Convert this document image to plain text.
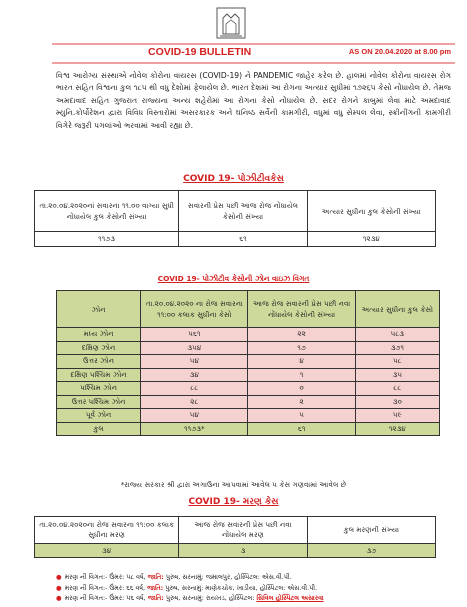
COVID-19 BULLETIN	AS ON 20.04.2020 at 8.00 pm
વિશ્વ આરોગ્ય સંસ્થાએ નોવેલ કોરોના વાયરસ (COVID-19) ને PANDEMIC જાહેર કરેલ છે. હાલમાં નોવેલ કોરોના વાયરસ રોગ ભારત સહિત વિશ્વના કુલ ૧૮૫ થી વધુ દેશોમાં ફેલાયેલ છે. ભારત દેશમાં આ રોગના અત્યાર સુધીમાં ૧૭૨૬૫ કેસો નોંધાયેલ છે. તેમજ અમદાવાદ સહિત ગુજરાત રાજ્યના અન્ય શહેરોમાં આ રોગના કેસો નોંધાયેલ છે. સદર રોગને કાબુમાં લેવા માટે અમદાવાદ મ્યુનિ.કોર્પોરેશન દ્વારા વિવિધ વિસ્તારોમાં અસરકારક અને ઘનિષ્ઠ સર્વેની કામગીરી, વધુમાં વધુ સેમ્પલ લેવા, સ્ક્રીનીંગની કામગીરી વિગેરે જરૂરી પગલાંઓ ભરવામાં આવી રહ્યા છે.
COVID 19- પોઝીટીવકેસ
તા.૨૦.૦૪.૨૦૨૦નાં સવારના ૧૧.૦૦ વાગ્યા સુધી નોંધાયેલ કુલ કેસોની સંખ્યા	સવારની પ્રેસ પછી આજ રોજ નોંધાયેલ કેસોની સંખ્યા	અત્યાર સુધીના કુલ કેસોની સંખ્યા
૧૧૭૩	૬૧	૧૨૩૪
COVID 19- પોઝીટીવ કેસોની ઝોન વાઇઝ વિગત
ઝોન	તા.૨૦.૦૪.૨૦૨૦ ના રોજ સવારના ૧૧:૦૦ કલાક સુધીના કેસો	આજ રોજ સવારની પ્રેસ પછી નવા નોંધાયેલ કેસોની સંખ્યા	અત્યાર સુધીના કુલ કેસો
મધ્ય ઝોન	૫૬૧	૨૨	૫૮૩
દક્ષિણ ઝોન	૩૫૪	૧૭	૩૭૧
ઉત્તર ઝોન	૫૪	૪	૫૮
દક્ષિણ પશ્ચિમ ઝોન	૩૪	૧	૩૫
પશ્ચિમ ઝોન	૮૮	૦	૮૮
ઉત્તર પશ્ચિમ ઝોન	૨૮	૨	૩૦
પૂર્વ ઝોન	૫૪	૫	૫૯
કુલ	૧૧૭૩*	૬૧	૧૨૩૪
*રાજ્ય સરકાર શ્રી દ્વારા અગાઉના આપવામાં આવેલ ૫ કેસ ગણવામાં આવેલ છે
COVID 19- મરણ કેસ
તા.૨૦.૦૪.૨૦૨૦ના રોજ સવારના ૧૧:૦૦ કલાક સુધીના મરણ	આજ રોજ સવારની પ્રેસ પછી નવા નોંધાયેલ મરણ	કુલ મરણની સંખ્યા
૩૪	૩	૩૭
● મરણ ની વિગત:- ઉંમર: ૫૮ વર્ષ, જાતિ: પુરુષ, સરનામું: જમાલપુર, હોસ્પિટલ: એસ.વી.પી.
● મરણ ની વિગત:- ઉંમર: ૬૬ વર્ષ, જાતિ: પુરુષ, સરનામું: માણેકચોક, ખાડીયા, હોસ્પિટલ: એસ.વી.પી.
● મરણ ની વિગત:- ઉંમર: ૫૬ વર્ષ, જાતિ: પુરુષ, સરનામું: રાયખડ, હોસ્પિટલ: સિવિલ હોસ્પિટલ અસારવા
